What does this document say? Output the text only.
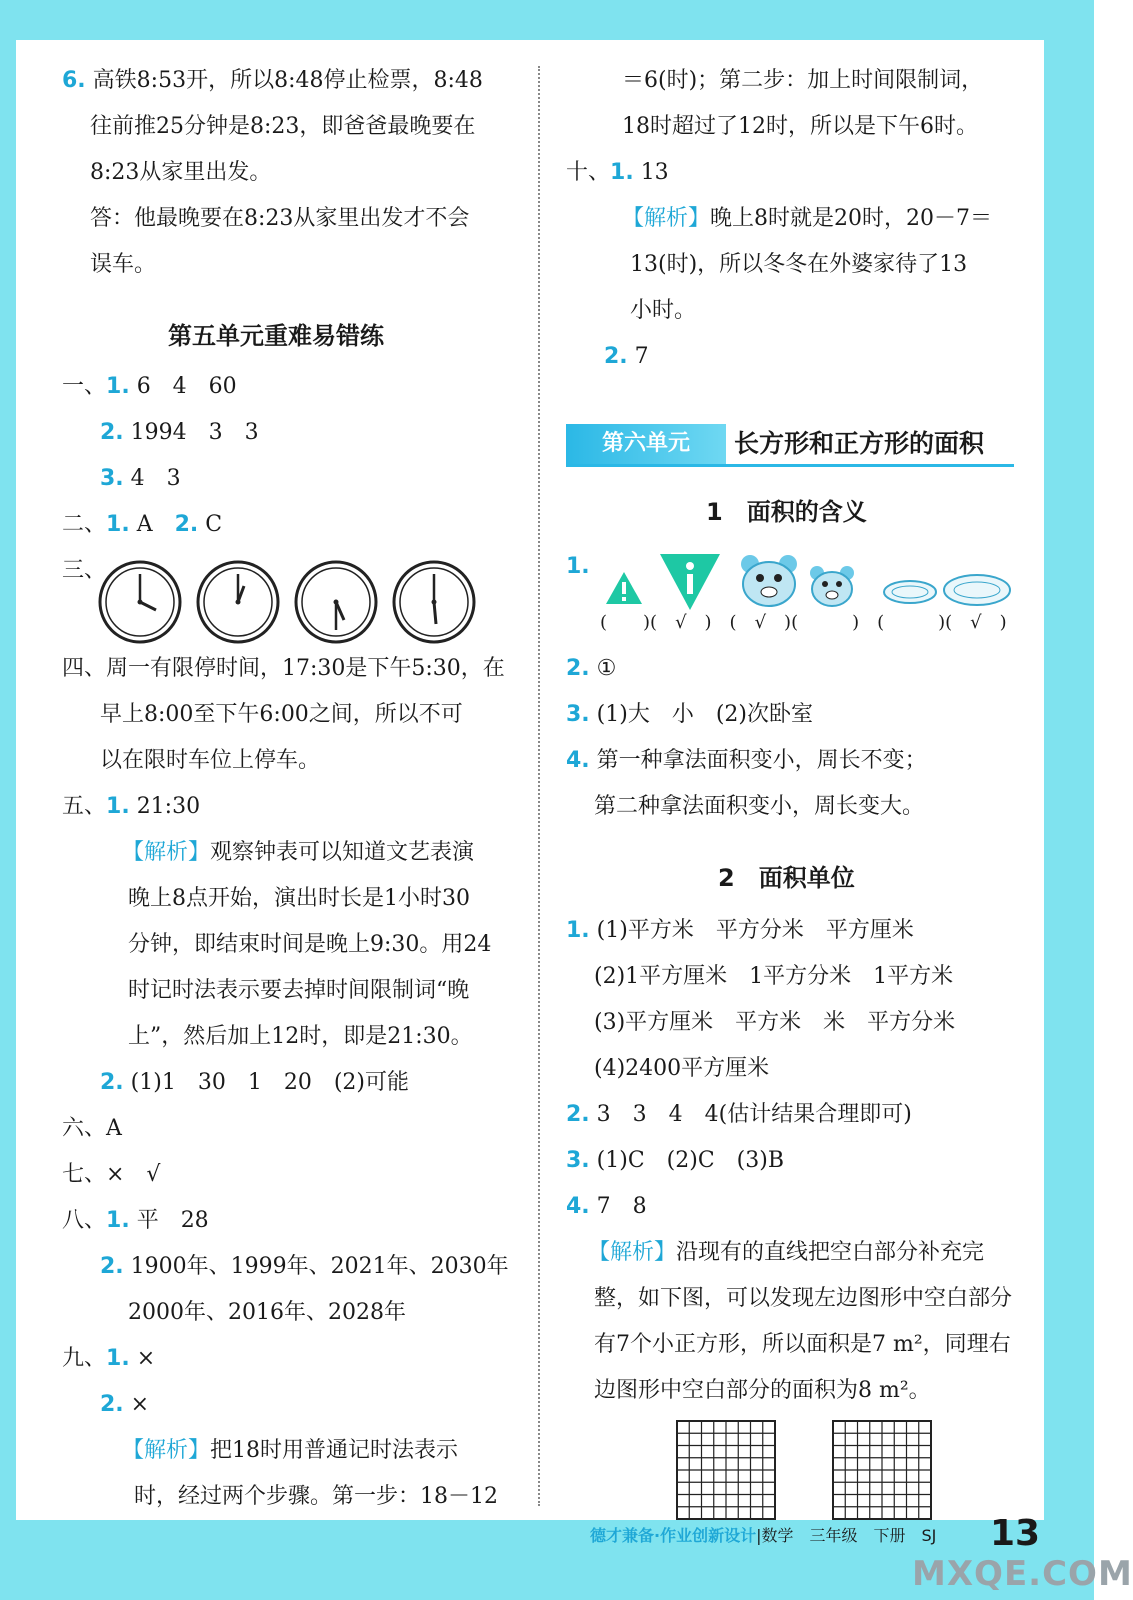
6. 高铁8:53开，所以8:48停止检票，8:48
往前推25分钟是8:23，即爸爸最晚要在
8:23从家里出发。
答：他最晚要在8:23从家里出发才不会
误车。
第五单元重难易错练
一、1. 6　4　60
2. 1994　3　3
3. 4　3
二、1. A　 2. C
三、
四、周一有限停时间，17:30是下午5:30，在
早上8:00至下午6:00之间，所以不可
以在限时车位上停车。
五、1. 21:30
【解析】观察钟表可以知道文艺表演
晚上8点开始，演出时长是1小时30
分钟，即结束时间是晚上9:30。用24
时记时法表示要去掉时间限制词“晚
上”，然后加上12时，即是21:30。
2. (1)1　30　1　20　(2)可能
六、A
七、×　√
八、1. 平　28
2. 1900年、1999年、2021年、2030年
2000年、2016年、2028年
九、1. ×
2. ×
【解析】把18时用普通记时法表示
时，经过两个步骤。第一步：18－12
＝6(时)；第二步：加上时间限制词，
18时超过了12时，所以是下午6时。
十、1. 13
【解析】晚上8时就是20时，20－7＝
13(时)，所以冬冬在外婆家待了13
小时。
2. 7
第六单元	长方形和正方形的面积
1　面积的含义
1.
(　　)(　√　)　(　√　)(　　　)　(　　　)(　√　)
2. ①
3. (1)大　小　(2)次卧室
4. 第一种拿法面积变小，周长不变；
第二种拿法面积变小，周长变大。
2　面积单位
1. (1)平方米　平方分米　平方厘米
(2)1平方厘米　1平方分米　1平方米
(3)平方厘米　平方米　米　平方分米
(4)2400平方厘米
2. 3　3　4　4(估计结果合理即可)
3. (1)C　(2)C　(3)B
4. 7　8
【解析】沿现有的直线把空白部分补充完
整，如下图，可以发现左边图形中空白部分
有7个小正方形，所以面积是7 m²，同理右
边图形中空白部分的面积为8 m²。
德才兼备·作业创新设计|数学　三年级　下册　SJ 13
MXQE.COM
